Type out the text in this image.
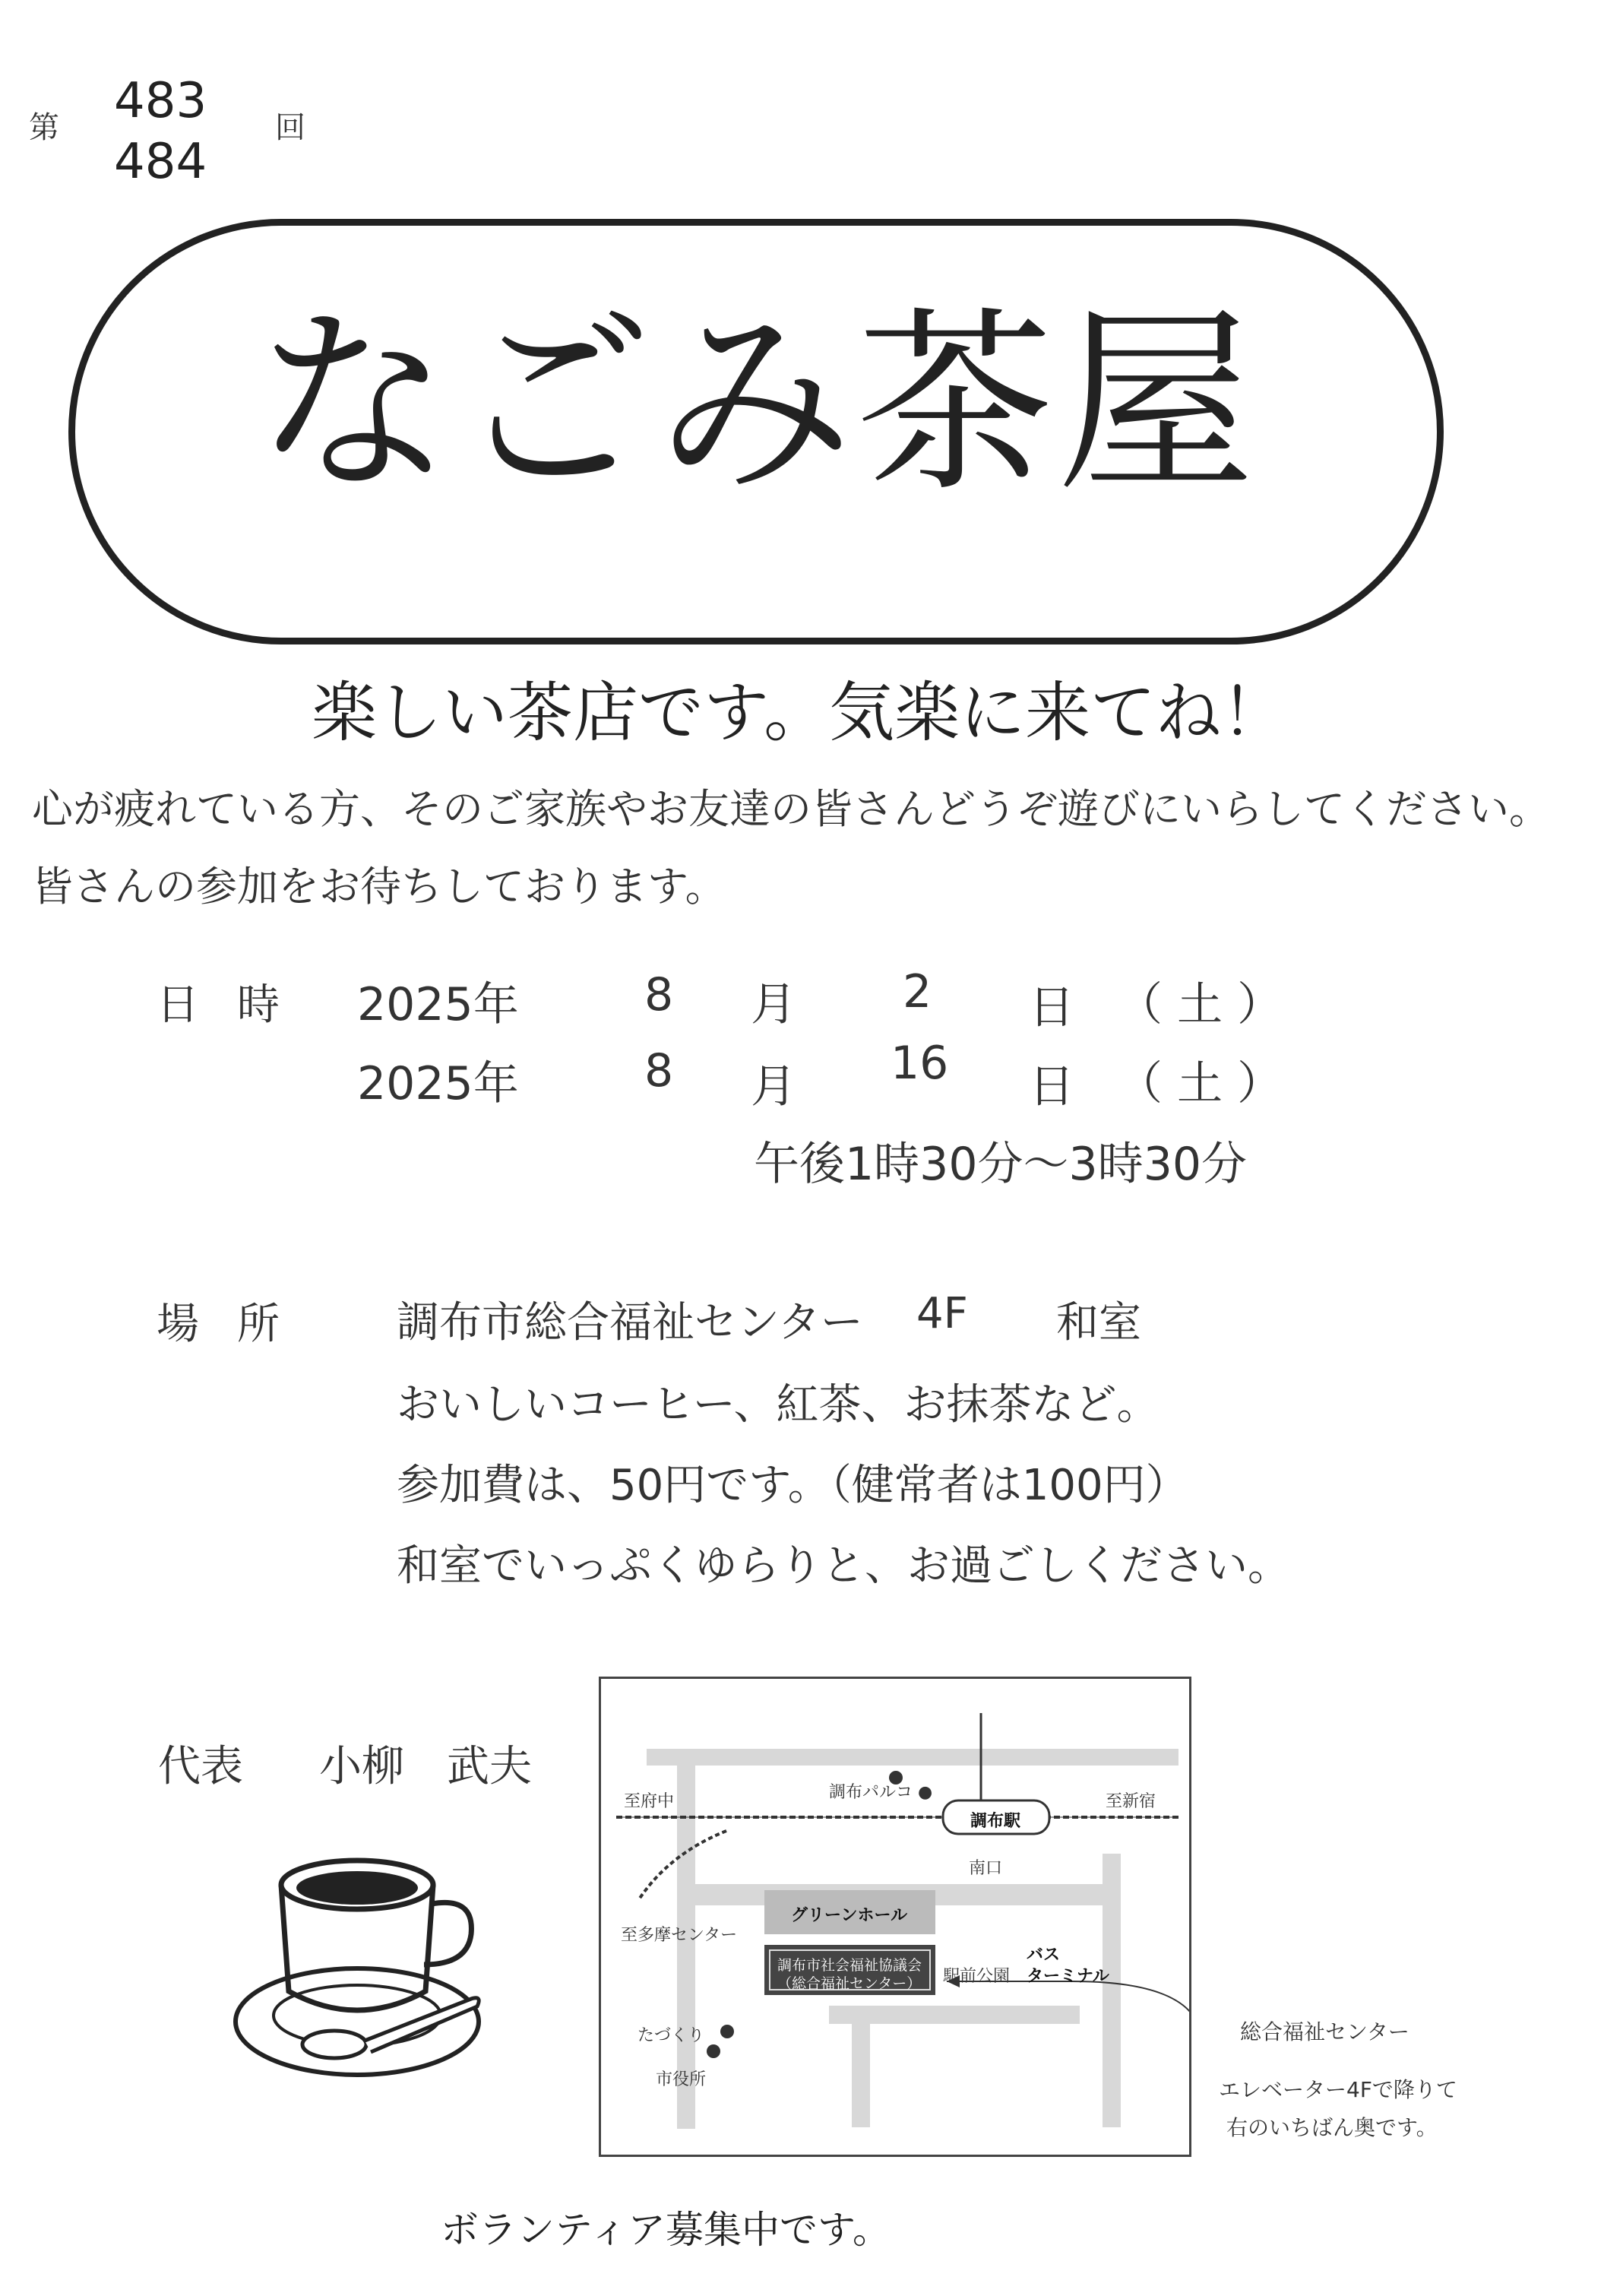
第 483
484
回
なごみ茶屋
楽しい茶店です。気楽に来てね！
心が疲れている方、そのご家族やお友達の皆さんどうぞ遊びにいらしてください。
皆さんの参加をお待ちしております。
日時 2025年	8 月 2 日 （ 土 ）
2025年	8 月 16 日 （ 土 ）
午後1時30分～3時30分
場所 調布市総合福祉センター 4F 和室
おいしいコーヒー、紅茶、お抹茶など。
参加費は、50円です。（健常者は100円）
和室でいっぷくゆらりと、お過ごしください。
代表 小柳　武夫
至府中	調布パルコ ●
調布駅
至新宿
南口
グリーンホール
至多摩センター
調布市社会福祉協議会
（総合福祉センター） 駅前公園
バス
ターミナル
たづくり
市役所
総合福祉センター
エレベーター4Fで降りて
右のいちばん奥です。
ボランティア募集中です。
